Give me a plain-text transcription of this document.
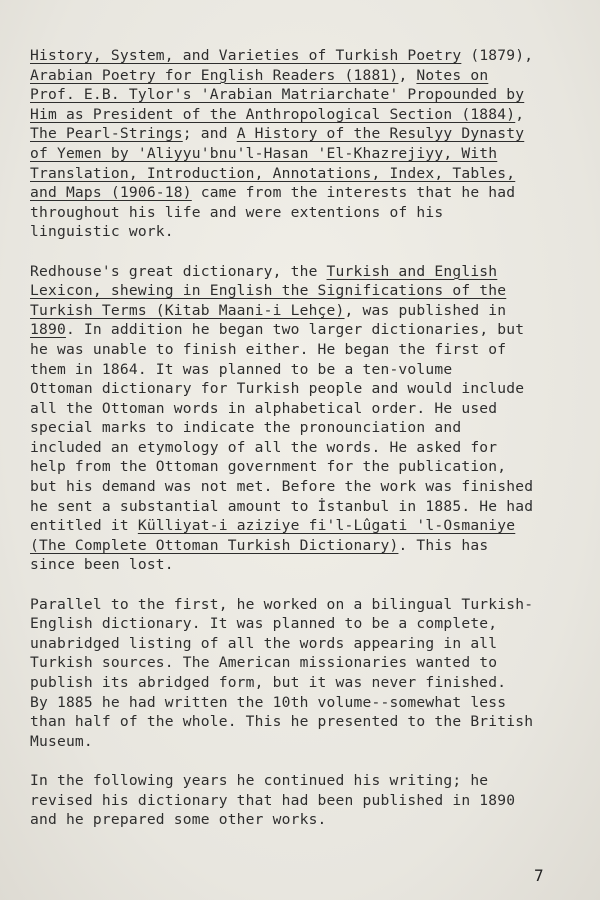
History, System, and Varieties of Turkish Poetry (1879),
Arabian Poetry for English Readers (1881), Notes on
Prof. E.B. Tylor's 'Arabian Matriarchate' Propounded by
Him as President of the Anthropological Section (1884),
The Pearl-Strings; and A History of the Resulyy Dynasty
of Yemen by 'Aliyyu'bnu'l-Hasan 'El-Khazrejiyy, With
Translation, Introduction, Annotations, Index, Tables,
and Maps (1906-18) came from the interests that he had
throughout his life and were extentions of his
linguistic work.
Redhouse's great dictionary, the Turkish and English
Lexicon, shewing in English the Significations of the
Turkish Terms (Kitab Maani-i Lehçe), was published in
1890. In addition he began two larger dictionaries, but
he was unable to finish either. He began the first of
them in 1864. It was planned to be a ten-volume
Ottoman dictionary for Turkish people and would include
all the Ottoman words in alphabetical order. He used
special marks to indicate the pronounciation and
included an etymology of all the words. He asked for
help from the Ottoman government for the publication,
but his demand was not met. Before the work was finished
he sent a substantial amount to İstanbul in 1885. He had
entitled it Külliyat-i aziziye fi'l-Lûgati 'l-Osmaniye
(The Complete Ottoman Turkish Dictionary). This has
since been lost.
Parallel to the first, he worked on a bilingual Turkish-
English dictionary. It was planned to be a complete,
unabridged listing of all the words appearing in all
Turkish sources. The American missionaries wanted to
publish its abridged form, but it was never finished.
By 1885 he had written the 10th volume--somewhat less
than half of the whole. This he presented to the British
Museum.
In the following years he continued his writing; he
revised his dictionary that had been published in 1890
and he prepared some other works.
7
